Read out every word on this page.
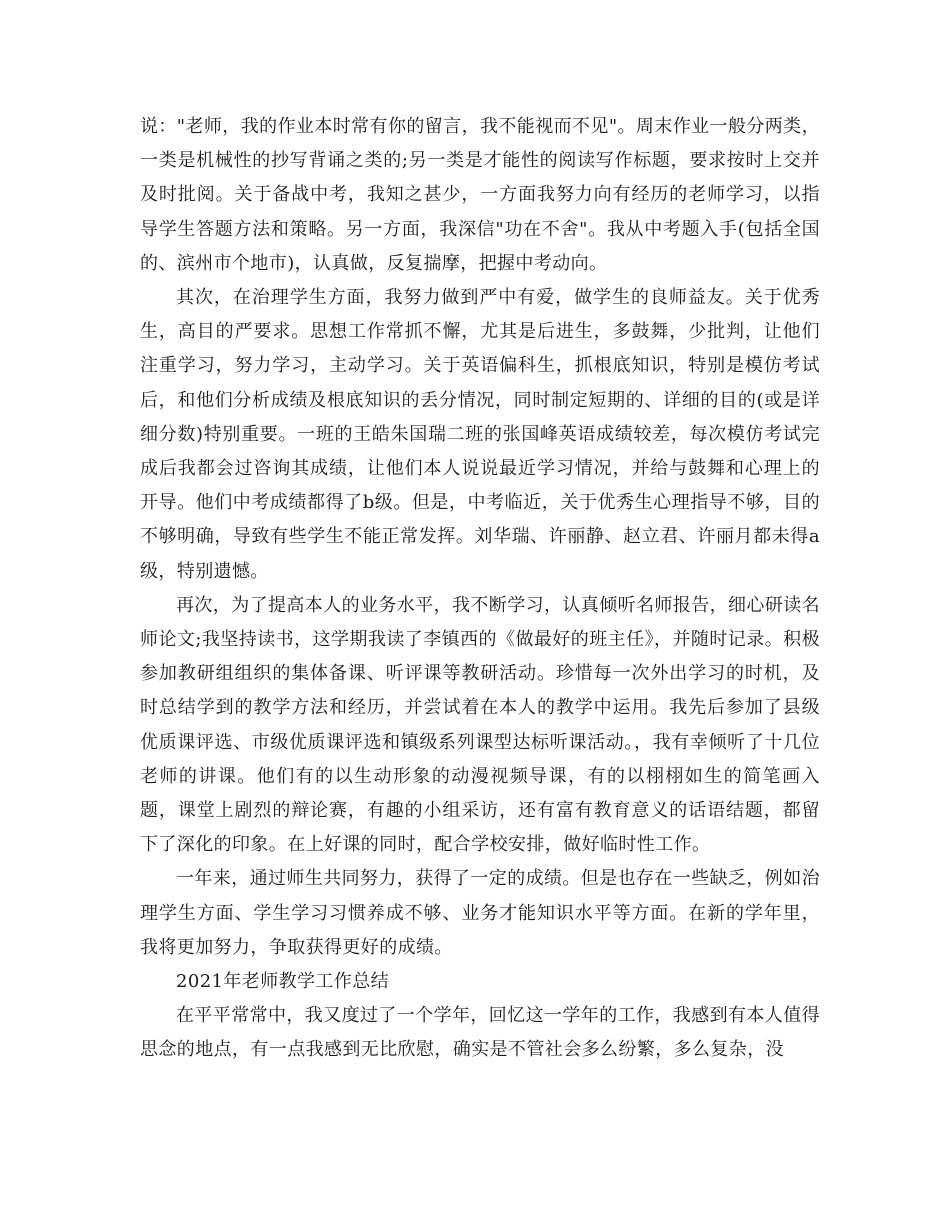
说："老师，我的作业本时常有你的留言，我不能视而不见"。周末作业一般分两类，一类是机械性的抄写背诵之类的;另一类是才能性的阅读写作标题，要求按时上交并及时批阅。关于备战中考，我知之甚少，一方面我努力向有经历的老师学习，以指导学生答题方法和策略。另一方面，我深信"功在不舍"。我从中考题入手(包括全国的、滨州市个地市)，认真做，反复揣摩，把握中考动向。

其次，在治理学生方面，我努力做到严中有爱，做学生的良师益友。关于优秀生，高目的严要求。思想工作常抓不懈，尤其是后进生，多鼓舞，少批判，让他们注重学习，努力学习，主动学习。关于英语偏科生，抓根底知识，特别是模仿考试后，和他们分析成绩及根底知识的丢分情况，同时制定短期的、详细的目的(或是详细分数)特别重要。一班的王皓朱国瑞二班的张国峰英语成绩较差，每次模仿考试完成后我都会过咨询其成绩，让他们本人说说最近学习情况，并给与鼓舞和心理上的开导。他们中考成绩都得了b级。但是，中考临近，关于优秀生心理指导不够，目的不够明确，导致有些学生不能正常发挥。刘华瑞、许丽静、赵立君、许丽月都未得a级，特别遗憾。

再次，为了提高本人的业务水平，我不断学习，认真倾听名师报告，细心研读名师论文;我坚持读书，这学期我读了李镇西的《做最好的班主任》，并随时记录。积极参加教研组组织的集体备课、听评课等教研活动。珍惜每一次外出学习的时机，及时总结学到的教学方法和经历，并尝试着在本人的教学中运用。我先后参加了县级优质课评选、市级优质课评选和镇级系列课型达标听课活动。，我有幸倾听了十几位老师的讲课。他们有的以生动形象的动漫视频导课，有的以栩栩如生的简笔画入题，课堂上剧烈的辩论赛，有趣的小组采访，还有富有教育意义的话语结题，都留下了深化的印象。在上好课的同时，配合学校安排，做好临时性工作。

一年来，通过师生共同努力，获得了一定的成绩。但是也存在一些缺乏，例如治理学生方面、学生学习习惯养成不够、业务才能知识水平等方面。在新的学年里，我将更加努力，争取获得更好的成绩。

2021年老师教学工作总结

在平平常常中，我又度过了一个学年，回忆这一学年的工作，我感到有本人值得思念的地点，有一点我感到无比欣慰，确实是不管社会多么纷繁，多么复杂，没
